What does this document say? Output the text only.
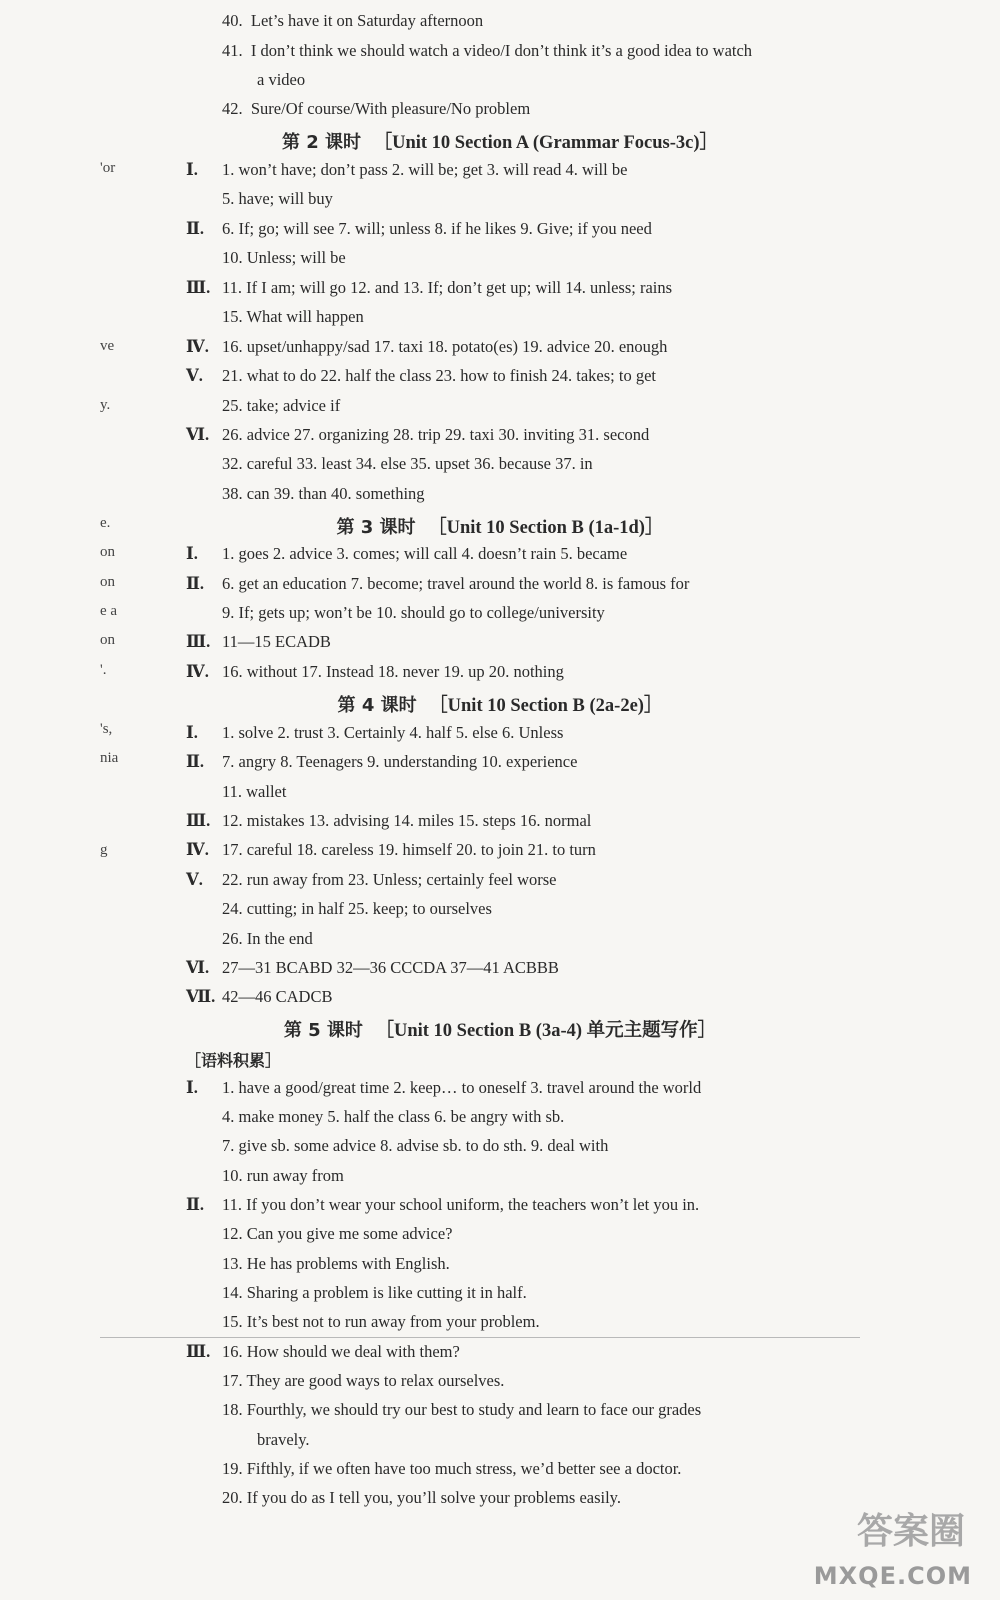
'or
ve
y.
e.
on
on
e a
on
'.
's,
nia
g
40. Let’s have it on Saturday afternoon
41. I don’t think we should watch a video/I don’t think it’s a good idea to watch
a video
42. Sure/Of course/With pleasure/No problem
第 2 课时 ［Unit 10 Section A (Grammar Focus-3c)］
Ⅰ. 1. won’t have; don’t pass 2. will be; get 3. will read 4. will be
5. have; will buy
Ⅱ. 6. If; go; will see 7. will; unless 8. if he likes 9. Give; if you need
10. Unless; will be
Ⅲ. 11. If I am; will go 12. and 13. If; don’t get up; will 14. unless; rains
15. What will happen
Ⅳ. 16. upset/unhappy/sad 17. taxi 18. potato(es) 19. advice 20. enough
Ⅴ. 21. what to do 22. half the class 23. how to finish 24. takes; to get
25. take; advice if
Ⅵ. 26. advice 27. organizing 28. trip 29. taxi 30. inviting 31. second
32. careful 33. least 34. else 35. upset 36. because 37. in
38. can 39. than 40. something
第 3 课时 ［Unit 10 Section B (1a-1d)］
Ⅰ. 1. goes 2. advice 3. comes; will call 4. doesn’t rain 5. became
Ⅱ. 6. get an education 7. become; travel around the world 8. is famous for
9. If; gets up; won’t be 10. should go to college/university
Ⅲ. 11—15 ECADB
Ⅳ. 16. without 17. Instead 18. never 19. up 20. nothing
第 4 课时 ［Unit 10 Section B (2a-2e)］
Ⅰ. 1. solve 2. trust 3. Certainly 4. half 5. else 6. Unless
Ⅱ. 7. angry 8. Teenagers 9. understanding 10. experience
11. wallet
Ⅲ. 12. mistakes 13. advising 14. miles 15. steps 16. normal
Ⅳ. 17. careful 18. careless 19. himself 20. to join 21. to turn
Ⅴ. 22. run away from 23. Unless; certainly feel worse
24. cutting; in half 25. keep; to ourselves
26. In the end
Ⅵ. 27—31 BCABD 32—36 CCCDA 37—41 ACBBB
Ⅶ. 42—46 CADCB
第 5 课时 ［Unit 10 Section B (3a-4) 单元主题写作］
［语料积累］
Ⅰ. 1. have a good/great time 2. keep… to oneself 3. travel around the world
4. make money 5. half the class 6. be angry with sb.
7. give sb. some advice 8. advise sb. to do sth. 9. deal with
10. run away from
Ⅱ. 11. If you don’t wear your school uniform, the teachers won’t let you in.
12. Can you give me some advice?
13. He has problems with English.
14. Sharing a problem is like cutting it in half.
15. It’s best not to run away from your problem.
Ⅲ. 16. How should we deal with them?
17. They are good ways to relax ourselves.
18. Fourthly, we should try our best to study and learn to face our grades
bravely.
19. Fifthly, if we often have too much stress, we’d better see a doctor.
20. If you do as I tell you, you’ll solve your problems easily.
答案圈
MXQE.COM
